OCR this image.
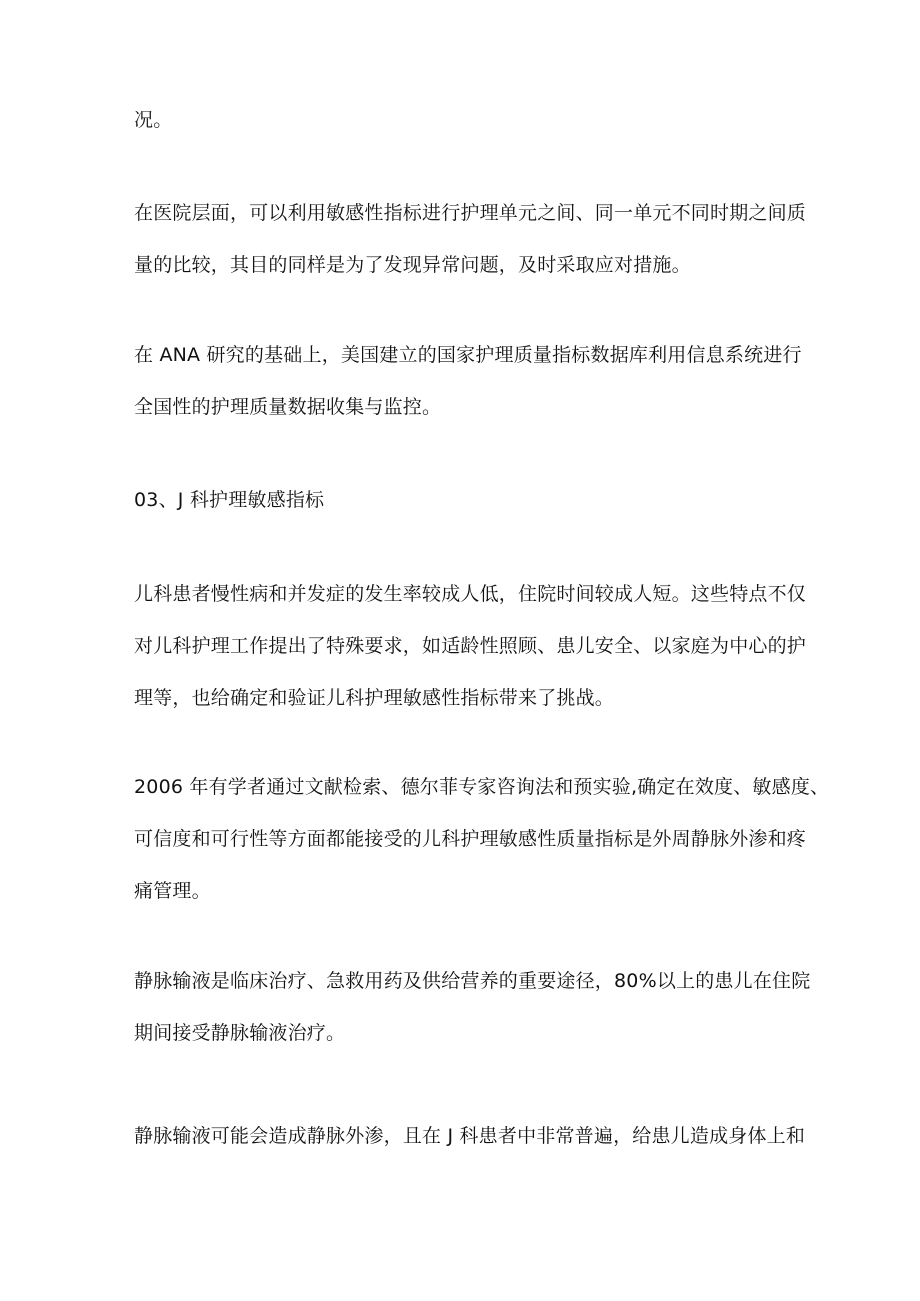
况。

在医院层面，可以利用敏感性指标进行护理单元之间、同一单元不同时期之间质
量的比较，其目的同样是为了发现异常问题，及时采取应对措施。

在 ANA 研究的基础上，美国建立的国家护理质量指标数据库利用信息系统进行
全国性的护理质量数据收集与监控。

03、J 科护理敏感指标

儿科患者慢性病和并发症的发生率较成人低，住院时间较成人短。这些特点不仅
对儿科护理工作提出了特殊要求，如适龄性照顾、患儿安全、以家庭为中心的护
理等，也给确定和验证儿科护理敏感性指标带来了挑战。

2006 年有学者通过文献检索、德尔菲专家咨询法和预实验,确定在效度、敏感度、
可信度和可行性等方面都能接受的儿科护理敏感性质量指标是外周静脉外渗和疼
痛管理。

静脉输液是临床治疗、急救用药及供给营养的重要途径，80%以上的患儿在住院
期间接受静脉输液治疗。

静脉输液可能会造成静脉外渗，且在 J 科患者中非常普遍，给患儿造成身体上和
